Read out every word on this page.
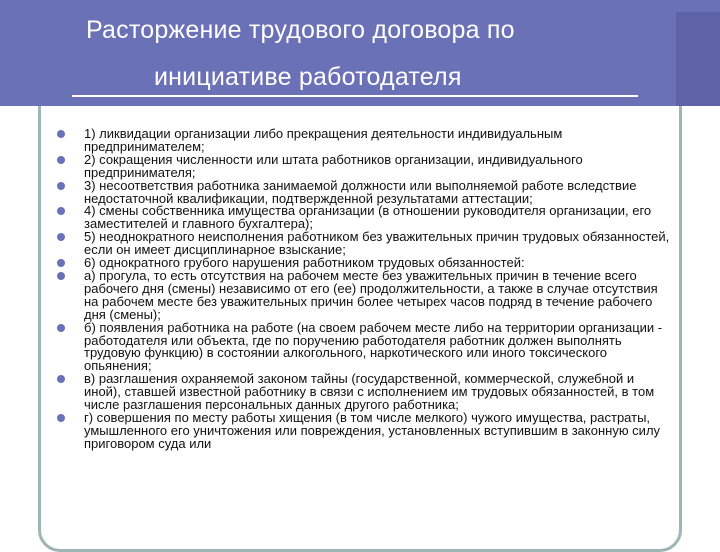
Расторжение трудового договора по
инициативе работодателя
1) ликвидации организации либо прекращения деятельности индивидуальным предпринимателем;
2) сокращения численности или штата работников организации, индивидуального предпринимателя;
3) несоответствия работника занимаемой должности или выполняемой работе вследствие недостаточной квалификации, подтвержденной результатами аттестации;
4) смены собственника имущества организации (в отношении руководителя организации, его заместителей и главного бухгалтера);
5) неоднократного неисполнения работником без уважительных причин трудовых обязанностей, если он имеет дисциплинарное взыскание;
6) однократного грубого нарушения работником трудовых обязанностей:
а) прогула, то есть отсутствия на рабочем месте без уважительных причин в течение всего рабочего дня (смены) независимо от его (ее) продолжительности, а также в случае отсутствия на рабочем месте без уважительных причин более четырех часов подряд в течение рабочего дня (смены);
б) появления работника на работе (на своем рабочем месте либо на территории организации - работодателя или объекта, где по поручению работодателя работник должен выполнять трудовую функцию) в состоянии алкогольного, наркотического или иного токсического опьянения;
в) разглашения охраняемой законом тайны (государственной, коммерческой, служебной и иной), ставшей известной работнику в связи с исполнением им трудовых обязанностей, в том числе разглашения персональных данных другого работника;
г) совершения по месту работы хищения (в том числе мелкого) чужого имущества, растраты, умышленного его уничтожения или повреждения, установленных вступившим в законную силу приговором суда или
